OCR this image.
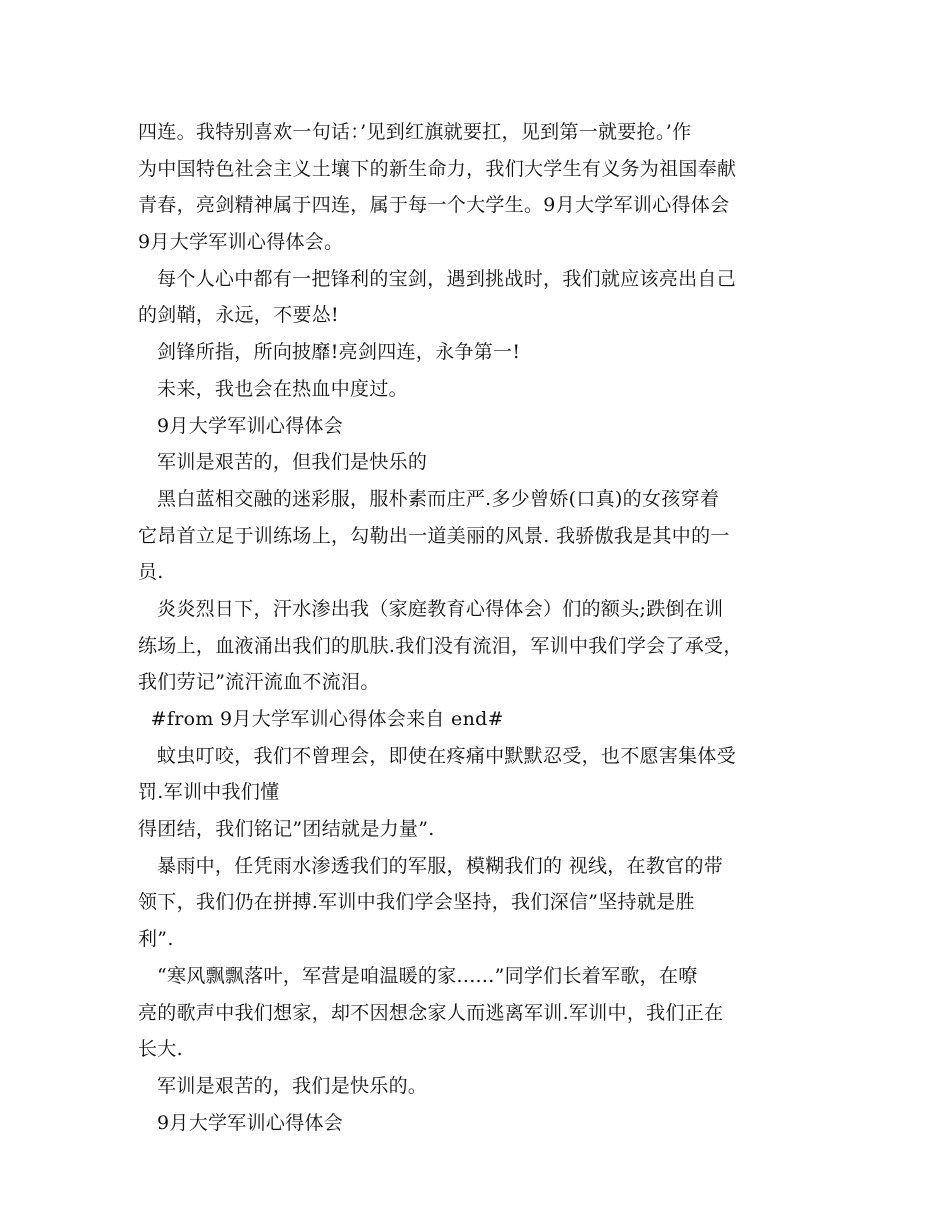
四连。我特别喜欢一句话：’见到红旗就要扛，见到第一就要抢。’作
为中国特色社会主义土壤下的新生命力，我们大学生有义务为祖国奉献
青春，亮剑精神属于四连，属于每一个大学生。9月大学军训心得体会
9月大学军训心得体会。
每个人心中都有一把锋利的宝剑，遇到挑战时，我们就应该亮出自己
的剑鞘，永远，不要怂!
剑锋所指，所向披靡!亮剑四连，永争第一!
未来，我也会在热血中度过。
9月大学军训心得体会
军训是艰苦的，但我们是快乐的
黑白蓝相交融的迷彩服，服朴素而庄严.多少曾娇(口真)的女孩穿着
它昂首立足于训练场上，勾勒出一道美丽的风景. 我骄傲我是其中的一
员.
炎炎烈日下，汗水渗出我（家庭教育心得体会）们的额头;跌倒在训
练场上，血液涌出我们的肌肤.我们没有流泪，军训中我们学会了承受，
我们劳记”流汗流血不流泪。
#from 9月大学军训心得体会来自 end#
蚊虫叮咬，我们不曾理会，即使在疼痛中默默忍受，也不愿害集体受
罚.军训中我们懂
得团结，我们铭记”团结就是力量”.
暴雨中，任凭雨水渗透我们的军服，模糊我们的 视线，在教官的带
领下，我们仍在拼搏.军训中我们学会坚持，我们深信”坚持就是胜
利”.
“寒风飘飘落叶，军营是咱温暖的家......”同学们长着军歌，在嘹
亮的歌声中我们想家，却不因想念家人而逃离军训.军训中，我们正在
长大.
军训是艰苦的，我们是快乐的。
9月大学军训心得体会
